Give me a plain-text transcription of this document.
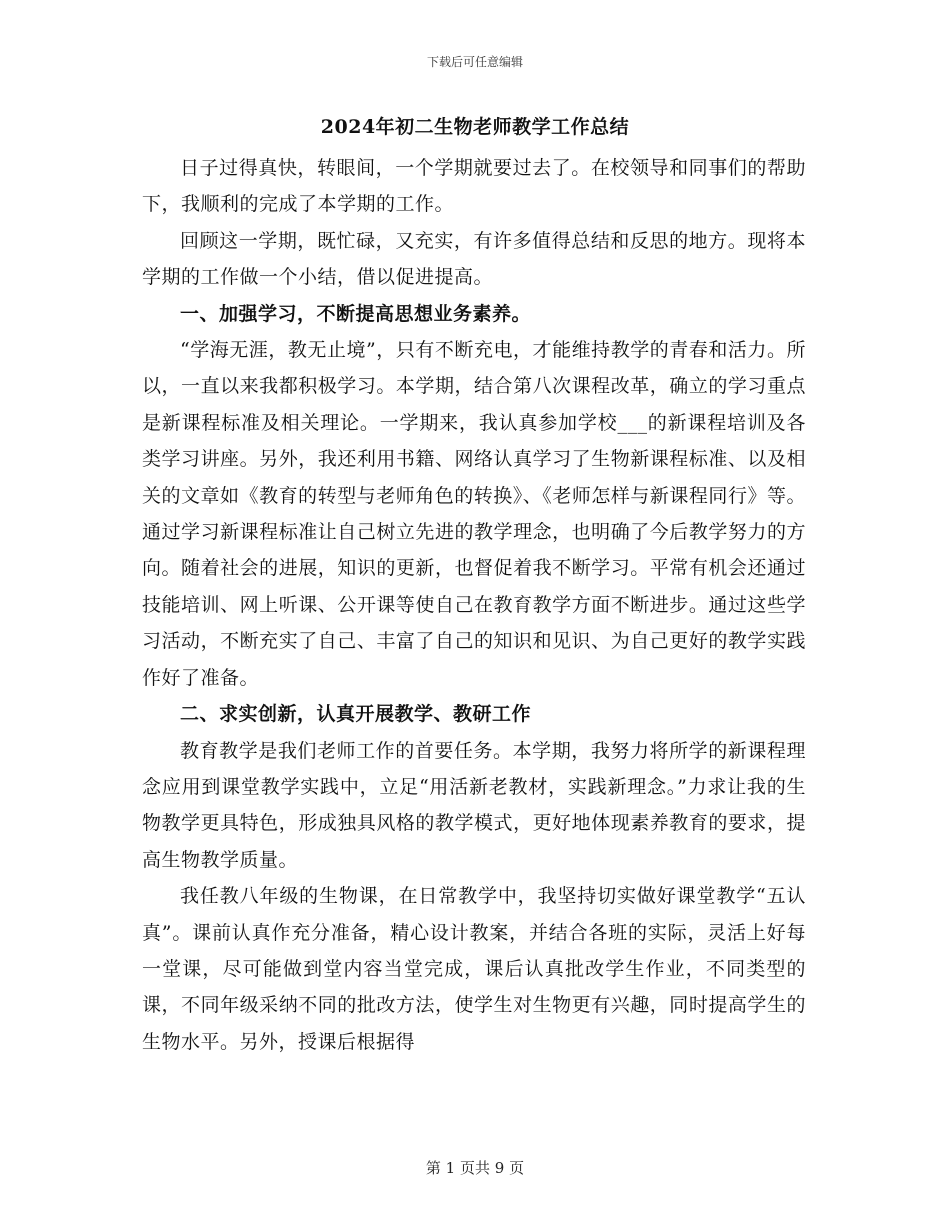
下载后可任意编辑
2024年初二生物老师教学工作总结

日子过得真快，转眼间，一个学期就要过去了。在校领导和同事们的帮助下，我顺利的完成了本学期的工作。

回顾这一学期，既忙碌，又充实，有许多值得总结和反思的地方。现将本学期的工作做一个小结，借以促进提高。

一、加强学习，不断提高思想业务素养。

“学海无涯，教无止境”，只有不断充电，才能维持教学的青春和活力。所以，一直以来我都积极学习。本学期，结合第八次课程改革，确立的学习重点是新课程标准及相关理论。一学期来，我认真参加学校___的新课程培训及各类学习讲座。另外，我还利用书籍、网络认真学习了生物新课程标准、以及相关的文章如《教育的转型与老师角色的转换》、《老师怎样与新课程同行》等。通过学习新课程标准让自己树立先进的教学理念，也明确了今后教学努力的方向。随着社会的进展，知识的更新，也督促着我不断学习。平常有机会还通过技能培训、网上听课、公开课等使自己在教育教学方面不断进步。通过这些学习活动，不断充实了自己、丰富了自己的知识和见识、为自己更好的教学实践作好了准备。

二、求实创新，认真开展教学、教研工作

教育教学是我们老师工作的首要任务。本学期，我努力将所学的新课程理念应用到课堂教学实践中，立足“用活新老教材，实践新理念。”力求让我的生物教学更具特色，形成独具风格的教学模式，更好地体现素养教育的要求，提高生物教学质量。

我任教八年级的生物课，在日常教学中，我坚持切实做好课堂教学“五认真”。课前认真作充分准备，精心设计教案，并结合各班的实际，灵活上好每一堂课，尽可能做到堂内容当堂完成，课后认真批改学生作业，不同类型的课，不同年级采纳不同的批改方法，使学生对生物更有兴趣，同时提高学生的生物水平。另外，授课后根据得

第 1 页共 9 页
